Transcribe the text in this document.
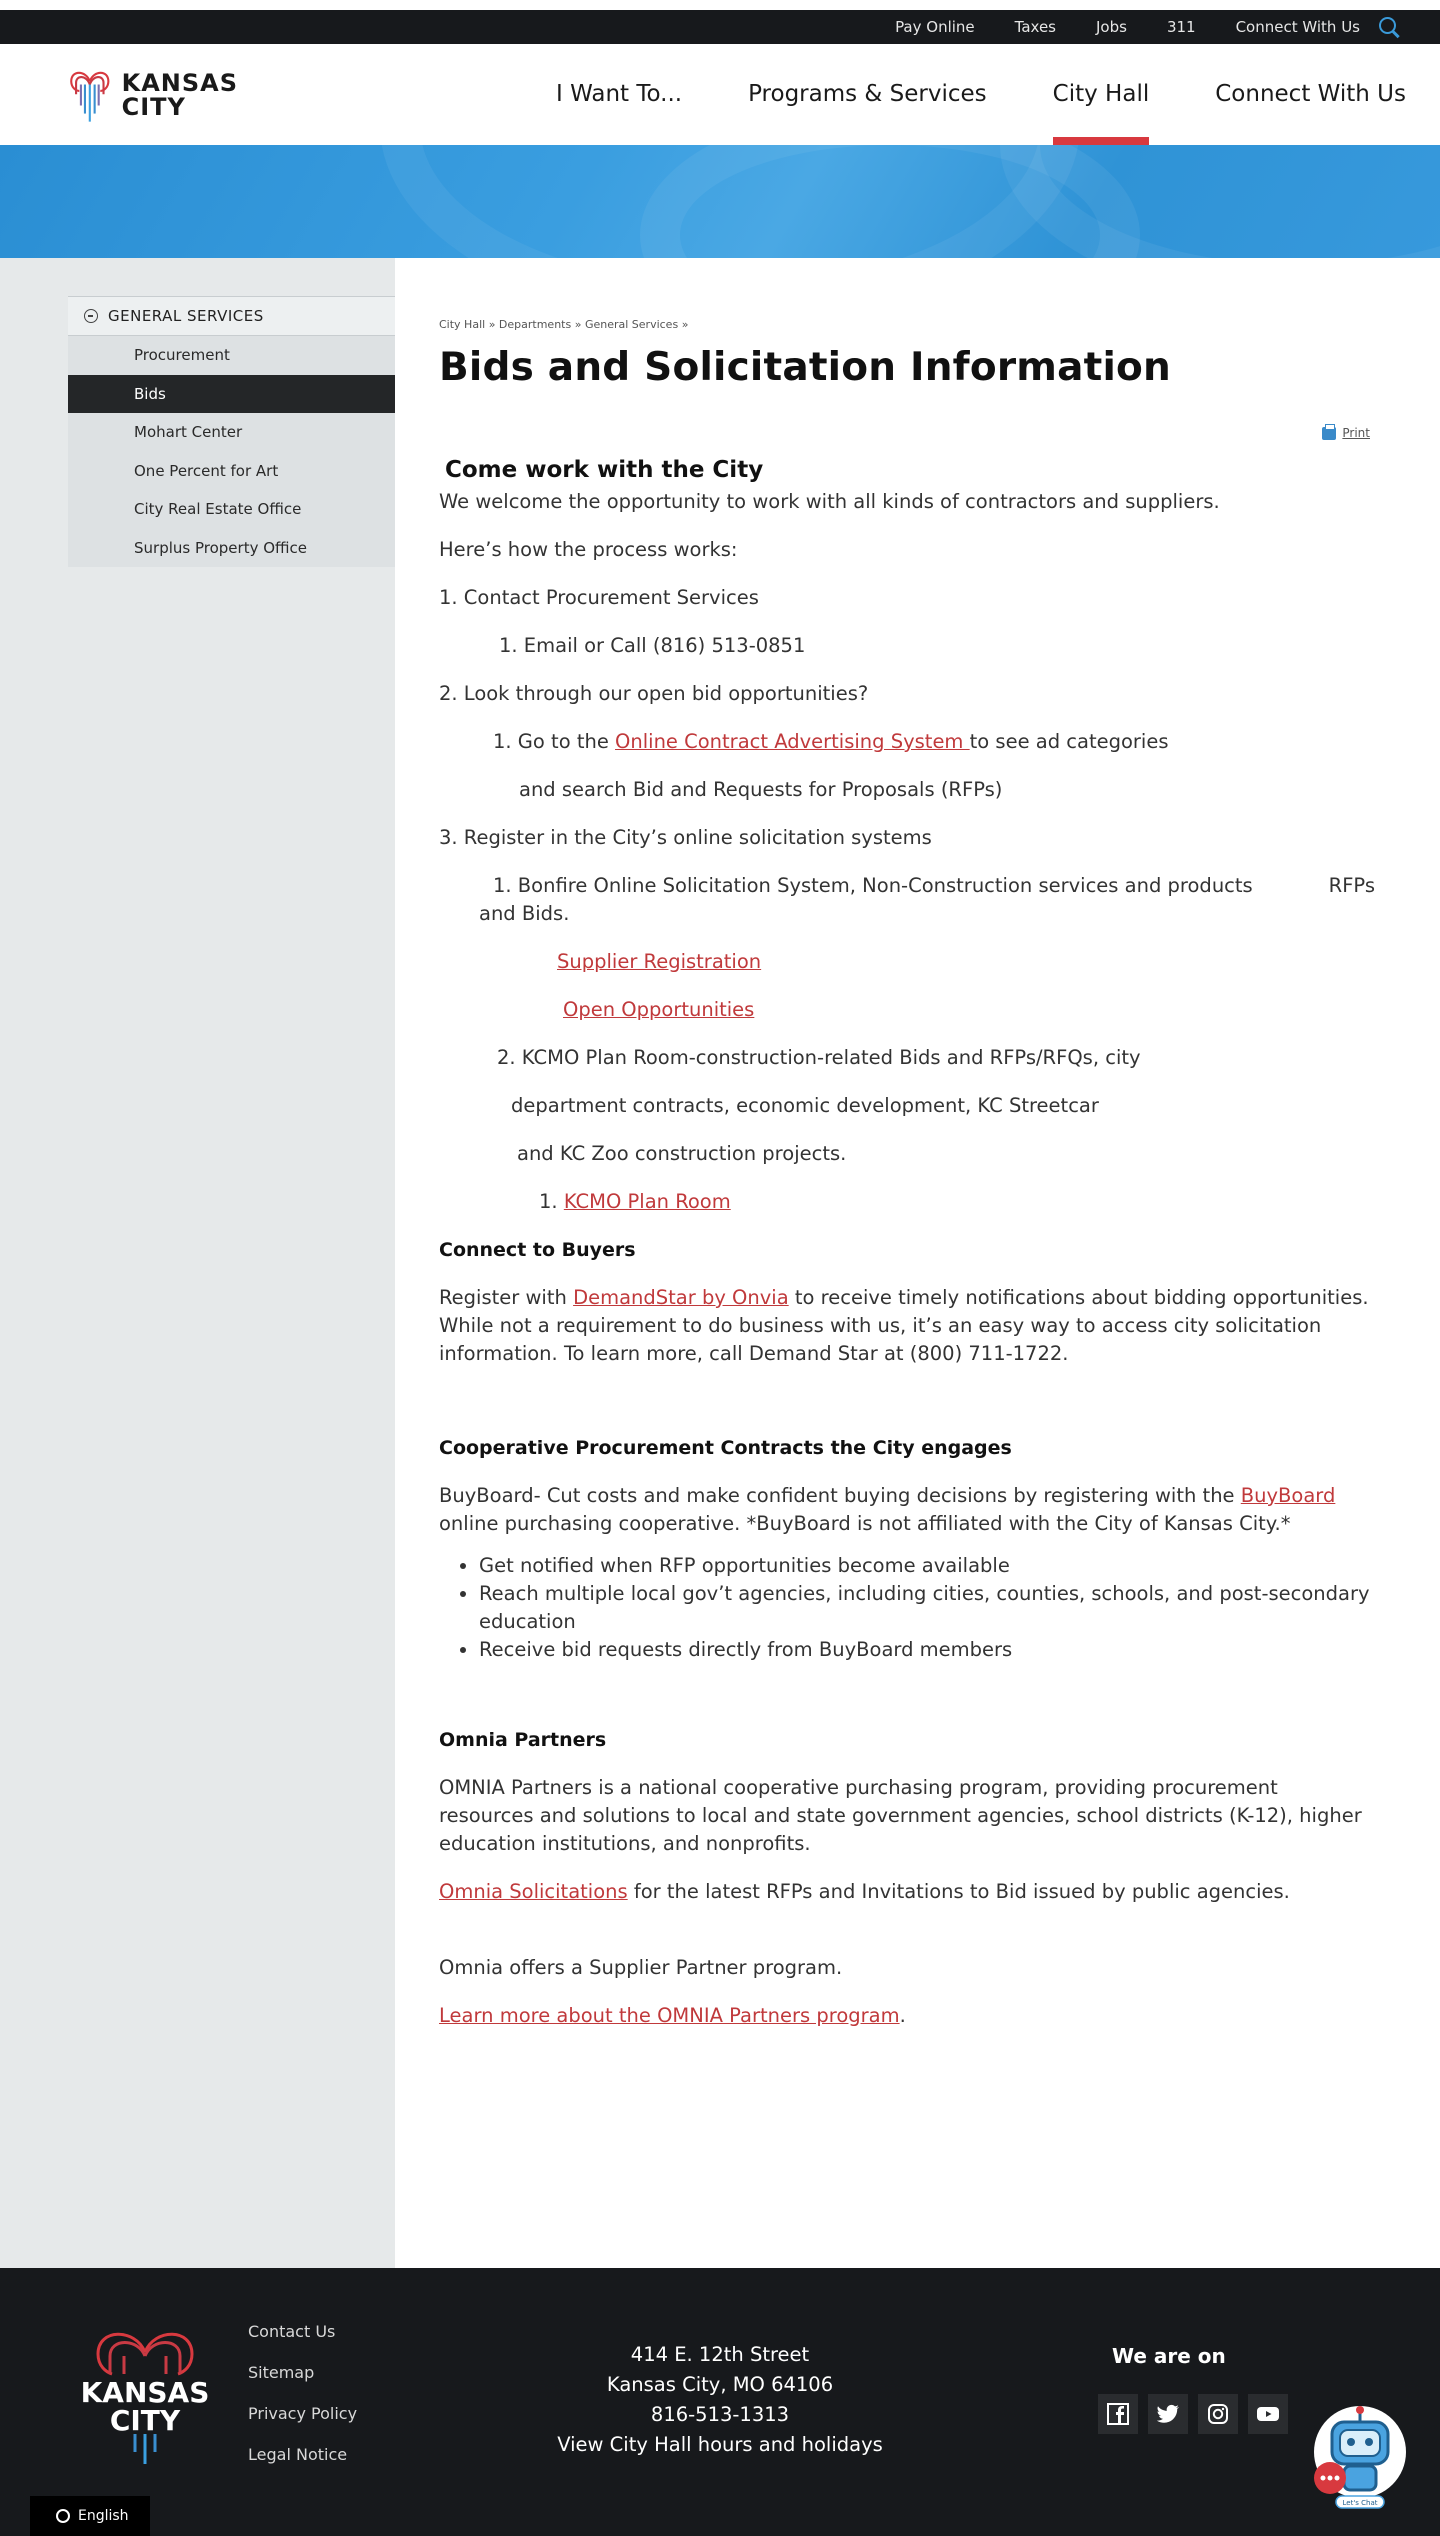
Pay Online	Taxes	Jobs	311	Connect With Us
KANSAS
CITY	I Want To...	Programs & Services	City Hall	Connect With Us
GENERAL SERVICES
Procurement
Bids
Mohart Center
One Percent for Art
City Real Estate Office
Surplus Property Office
City Hall » Departments » General Services »
Bids and Solicitation Information
Print
Come work with the City

We welcome the opportunity to work with all kinds of contractors and suppliers.

Here’s how the process works:

1. Contact Procurement Services

1. Email or Call (816) 513-0851

2. Look through our open bid opportunities?

1. Go to the Online Contract Advertising System to see ad categories

and search Bid and Requests for Proposals (RFPs)

3. Register in the City’s online solicitation systems

1. Bonfire Online Solicitation System, Non-Construction services and products	RFPs
and Bids.

Supplier Registration

Open Opportunities

2. KCMO Plan Room-construction-related Bids and RFPs/RFQs, city

department contracts, economic development, KC Streetcar

and KC Zoo construction projects.

1. KCMO Plan Room

Connect to Buyers

Register with DemandStar by Onvia to receive timely notifications about bidding opportunities. While not a requirement to do business with us, it’s an easy way to access city solicitation information. To learn more, call Demand Star at (800) 711-1722.

Cooperative Procurement Contracts the City engages

BuyBoard- Cut costs and make confident buying decisions by registering with the BuyBoard online purchasing cooperative. *BuyBoard is not affiliated with the City of Kansas City.*

• Get notified when RFP opportunities become available
• Reach multiple local gov’t agencies, including cities, counties, schools, and post-secondary education
• Receive bid requests directly from BuyBoard members
Omnia Partners

OMNIA Partners is a national cooperative purchasing program, providing procurement resources and solutions to local and state government agencies, school districts (K-12), higher education institutions, and nonprofits.

Omnia Solicitations for the latest RFPs and Invitations to Bid issued by public agencies.

Omnia offers a Supplier Partner program.

Learn more about the OMNIA Partners program.

KANSAS
CITY
Contact Us
Sitemap
Privacy Policy
Legal Notice
414 E. 12th Street
Kansas City, MO 64106
816-513-1313
View City Hall hours and holidays
We are on
English
Let's Chat
